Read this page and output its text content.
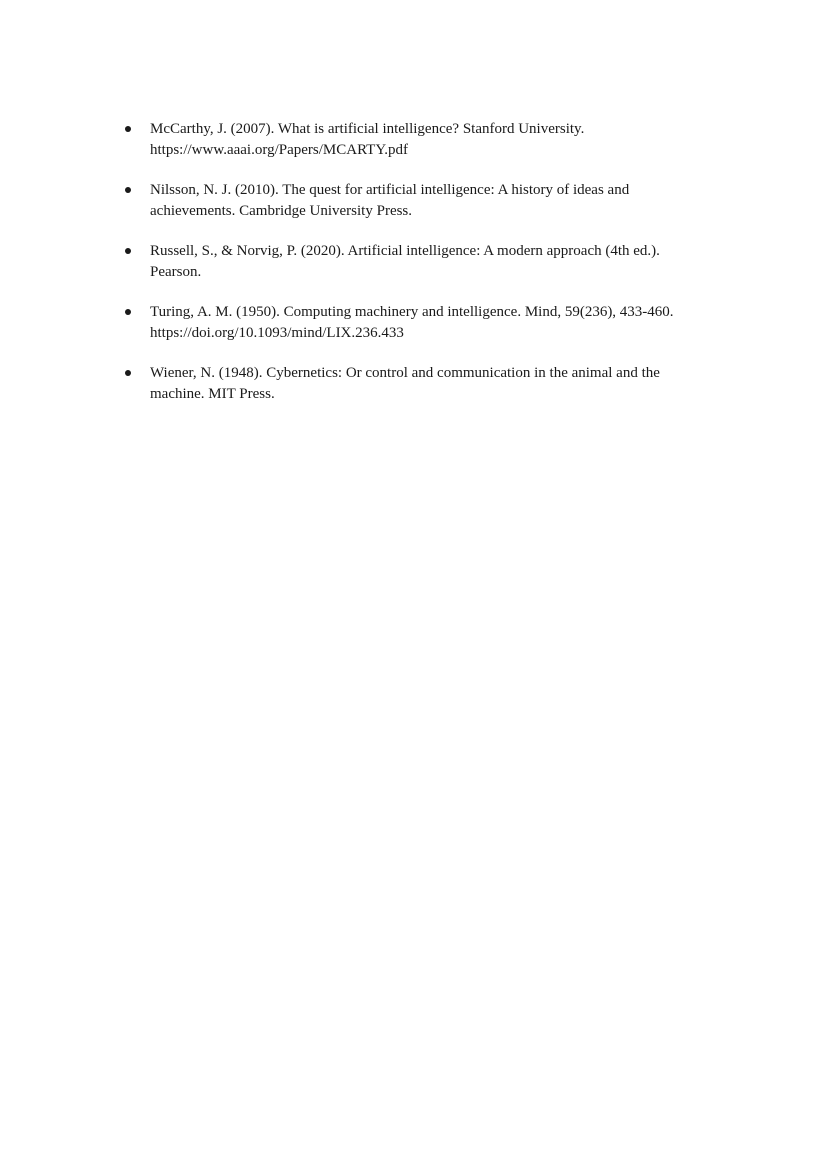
McCarthy, J. (2007). What is artificial intelligence? Stanford University.
https://www.aaai.org/Papers/MCARTY.pdf
Nilsson, N. J. (2010). The quest for artificial intelligence: A history of ideas and
achievements. Cambridge University Press.
Russell, S., & Norvig, P. (2020). Artificial intelligence: A modern approach (4th ed.).
Pearson.
Turing, A. M. (1950). Computing machinery and intelligence. Mind, 59(236), 433-460.
https://doi.org/10.1093/mind/LIX.236.433
Wiener, N. (1948). Cybernetics: Or control and communication in the animal and the
machine. MIT Press.
